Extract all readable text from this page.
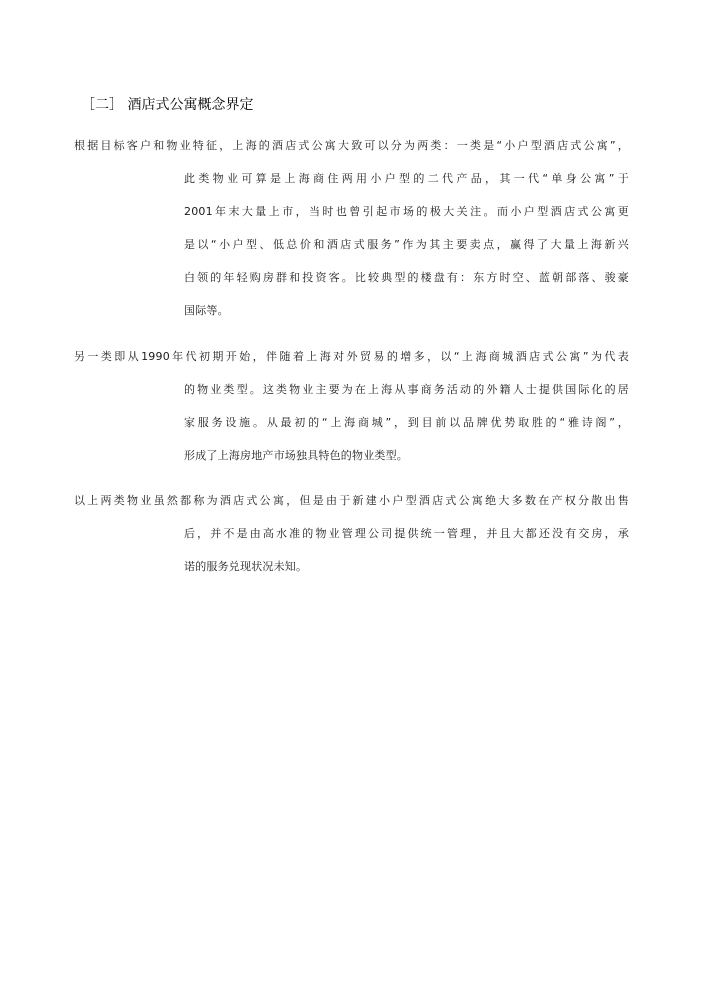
［二］ 酒店式公寓概念界定
根据目标客户和物业特征，上海的酒店式公寓大致可以分为两类：一类是“小户型酒店式公寓”，
此类物业可算是上海商住两用小户型的二代产品，其一代“单身公寓”于
2001年末大量上市，当时也曾引起市场的极大关注。而小户型酒店式公寓更
是以“小户型、低总价和酒店式服务”作为其主要卖点，赢得了大量上海新兴
白领的年轻购房群和投资客。比较典型的楼盘有：东方时空、蓝朝部落、骏豪
国际等。
另一类即从1990年代初期开始，伴随着上海对外贸易的增多，以“上海商城酒店式公寓”为代表
的物业类型。这类物业主要为在上海从事商务活动的外籍人士提供国际化的居
家服务设施。从最初的“上海商城”，到目前以品牌优势取胜的“雅诗阁”，
形成了上海房地产市场独具特色的物业类型。
以上两类物业虽然都称为酒店式公寓，但是由于新建小户型酒店式公寓绝大多数在产权分散出售
后，并不是由高水准的物业管理公司提供统一管理，并且大都还没有交房，承
诺的服务兑现状况未知。
